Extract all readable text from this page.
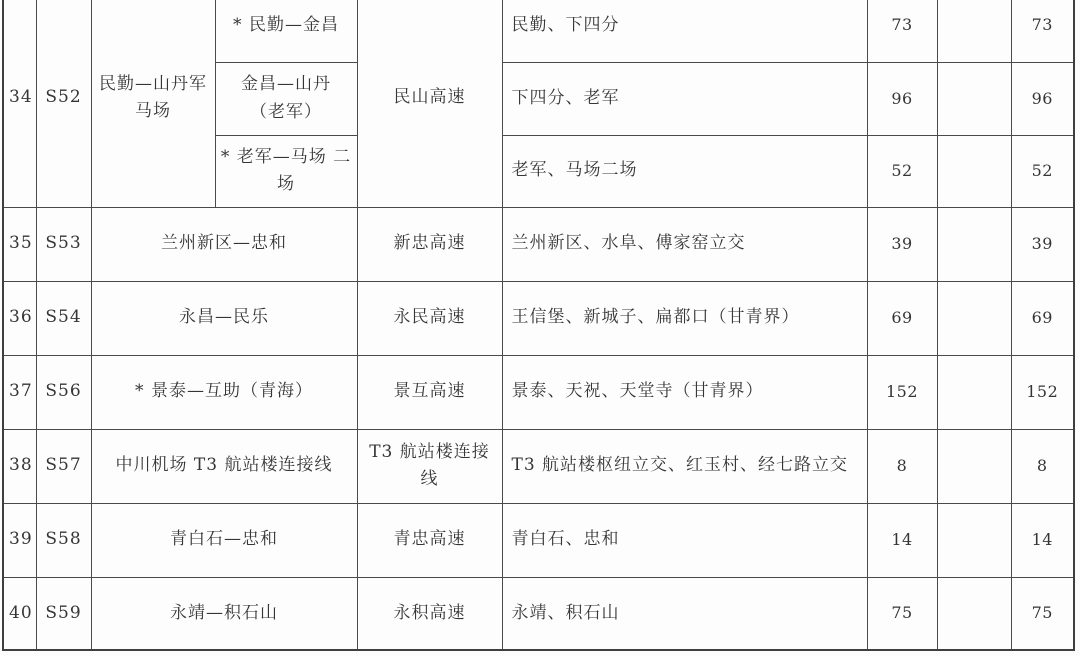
34	S52	民勤—山丹军马场	* 民勤—金昌	民山高速	民勤、下四分	73		73
			金昌—山丹 （老军）		下四分、老军	96		96
			* 老军—马场 二场		老军、马场二场	52		52
35	S53	兰州新区—忠和		新忠高速	兰州新区、水阜、傅家窑立交	39		39
36	S54	永昌—民乐		永民高速	王信堡、新城子、扁都口（甘青界）	69		69
37	S56	* 景泰—互助（青海）		景互高速	景泰、天祝、天堂寺（甘青界）	152		152
38	S57	中川机场 T3 航站楼连接线		T3 航站楼连接线	T3 航站楼枢纽立交、红玉村、经七路立交	8		8
39	S58	青白石—忠和		青忠高速	青白石、忠和	14		14
40	S59	永靖—积石山		永积高速	永靖、积石山	75		75
